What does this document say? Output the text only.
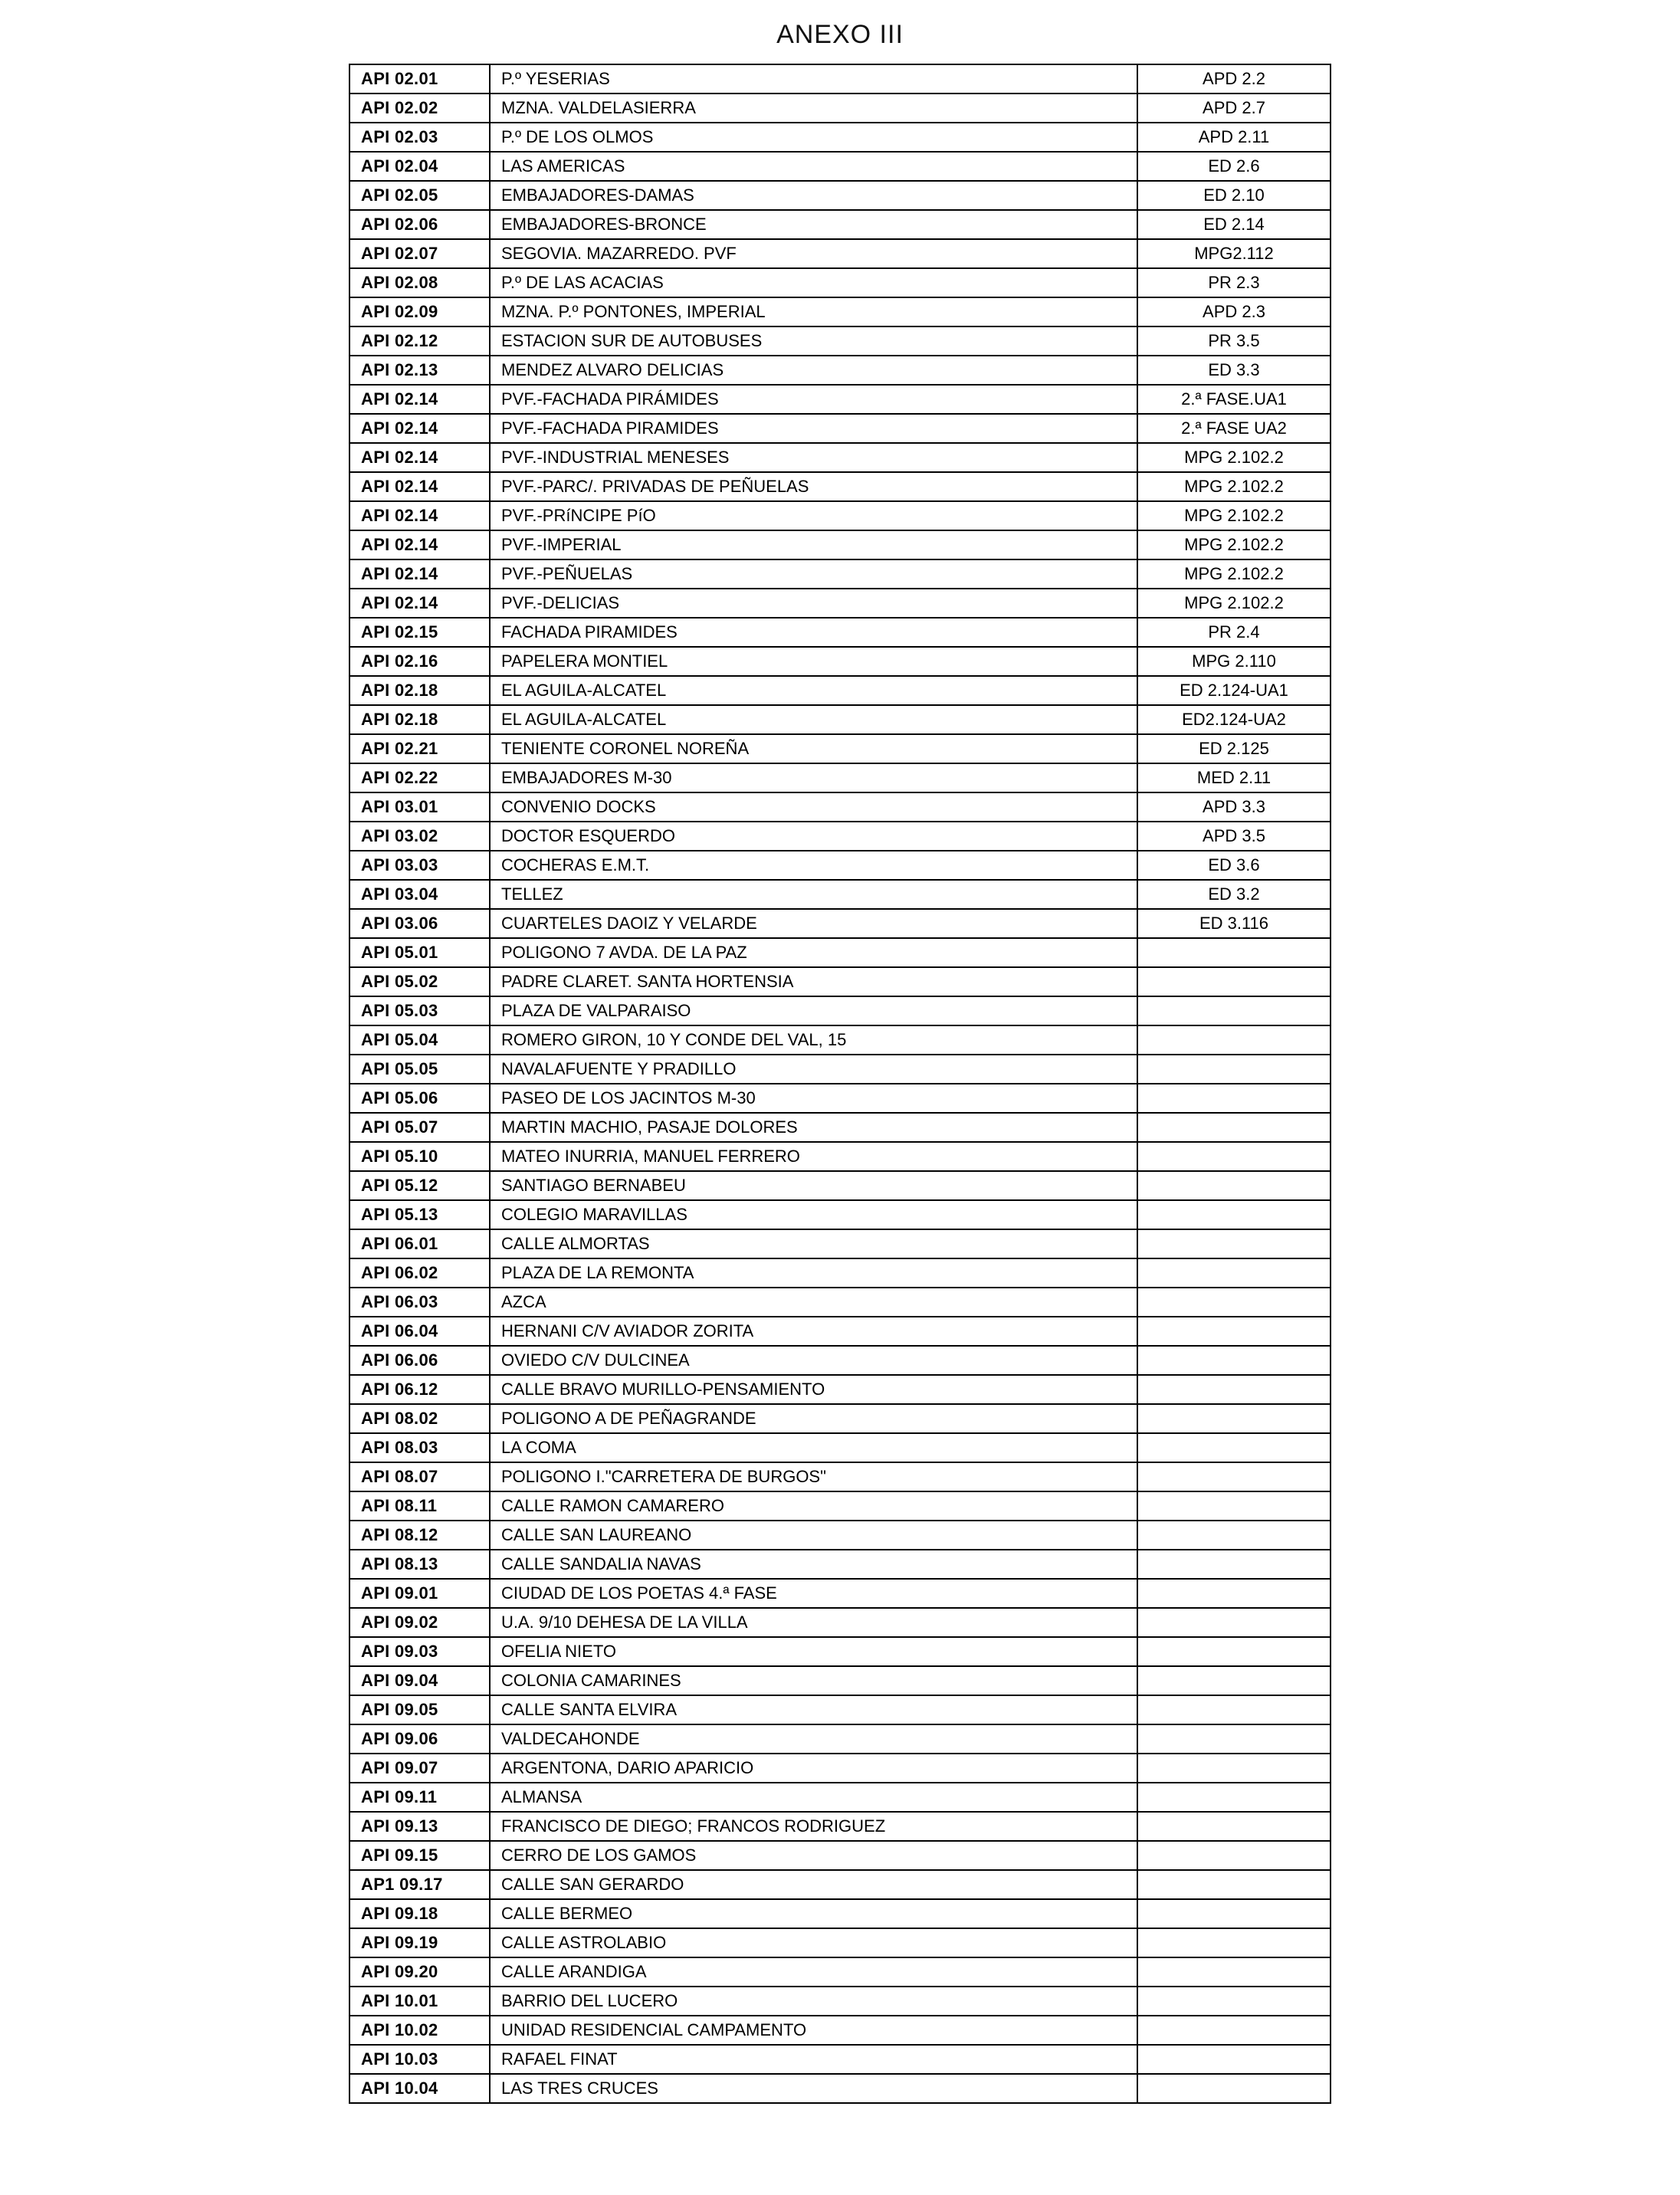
ANEXO III
API 02.01	P.º YESERIAS	APD 2.2
API 02.02	MZNA. VALDELASIERRA	APD 2.7
API 02.03	P.º DE LOS OLMOS	APD 2.11
API 02.04	LAS AMERICAS	ED 2.6
API 02.05	EMBAJADORES-DAMAS	ED 2.10
API 02.06	EMBAJADORES-BRONCE	ED 2.14
API 02.07	SEGOVIA. MAZARREDO. PVF	MPG2.112
API 02.08	P.º DE LAS ACACIAS	PR 2.3
API 02.09	MZNA. P.º PONTONES, IMPERIAL	APD 2.3
API 02.12	ESTACION SUR DE AUTOBUSES	PR 3.5
API 02.13	MENDEZ ALVARO DELICIAS	ED 3.3
API 02.14	PVF.-FACHADA PIRÁMIDES	2.ª FASE.UA1
API 02.14	PVF.-FACHADA PIRAMIDES	2.ª FASE UA2
API 02.14	PVF.-INDUSTRIAL MENESES	MPG 2.102.2
API 02.14	PVF.-PARC/. PRIVADAS DE PEÑUELAS	MPG 2.102.2
API 02.14	PVF.-PRíNCIPE PíO	MPG 2.102.2
API 02.14	PVF.-IMPERIAL	MPG 2.102.2
API 02.14	PVF.-PEÑUELAS	MPG 2.102.2
API 02.14	PVF.-DELICIAS	MPG 2.102.2
API 02.15	FACHADA PIRAMIDES	PR 2.4
API 02.16	PAPELERA MONTIEL	MPG 2.110
API 02.18	EL AGUILA-ALCATEL	ED 2.124-UA1
API 02.18	EL AGUILA-ALCATEL	ED2.124-UA2
API 02.21	TENIENTE CORONEL NOREÑA	ED 2.125
API 02.22	EMBAJADORES M-30	MED 2.11
API 03.01	CONVENIO DOCKS	APD 3.3
API 03.02	DOCTOR ESQUERDO	APD 3.5
API 03.03	COCHERAS E.M.T.	ED 3.6
API 03.04	TELLEZ	ED 3.2
API 03.06	CUARTELES DAOIZ Y VELARDE	ED 3.116
API 05.01	POLIGONO 7 AVDA. DE LA PAZ	
API 05.02	PADRE CLARET. SANTA HORTENSIA	
API 05.03	PLAZA DE VALPARAISO	
API 05.04	ROMERO GIRON, 10 Y CONDE DEL VAL, 15	
API 05.05	NAVALAFUENTE Y PRADILLO	
API 05.06	PASEO DE LOS JACINTOS M-30	
API 05.07	MARTIN MACHIO, PASAJE DOLORES	
API 05.10	MATEO INURRIA, MANUEL FERRERO	
API 05.12	SANTIAGO BERNABEU	
API 05.13	COLEGIO MARAVILLAS	
API 06.01	CALLE ALMORTAS	
API 06.02	PLAZA DE LA REMONTA	
API 06.03	AZCA	
API 06.04	HERNANI C/V AVIADOR ZORITA	
API 06.06	OVIEDO C/V DULCINEA	
API 06.12	CALLE BRAVO MURILLO-PENSAMIENTO	
API 08.02	POLIGONO A DE PEÑAGRANDE	
API 08.03	LA COMA	
API 08.07	POLIGONO I."CARRETERA DE BURGOS"	
API 08.11	CALLE RAMON CAMARERO	
API 08.12	CALLE SAN LAUREANO	
API 08.13	CALLE SANDALIA NAVAS	
API 09.01	CIUDAD DE LOS POETAS 4.ª FASE	
API 09.02	U.A. 9/10 DEHESA DE LA VILLA	
API 09.03	OFELIA NIETO	
API 09.04	COLONIA CAMARINES	
API 09.05	CALLE SANTA ELVIRA	
API 09.06	VALDECAHONDE	
API 09.07	ARGENTONA, DARIO APARICIO	
API 09.11	ALMANSA	
API 09.13	FRANCISCO DE DIEGO; FRANCOS RODRIGUEZ	
API 09.15	CERRO DE LOS GAMOS	
AP1 09.17	CALLE SAN GERARDO	
API 09.18	CALLE BERMEO	
API 09.19	CALLE ASTROLABIO	
API 09.20	CALLE ARANDIGA	
API 10.01	BARRIO DEL LUCERO	
API 10.02	UNIDAD RESIDENCIAL CAMPAMENTO	
API 10.03	RAFAEL FINAT	
API 10.04	LAS TRES CRUCES	
